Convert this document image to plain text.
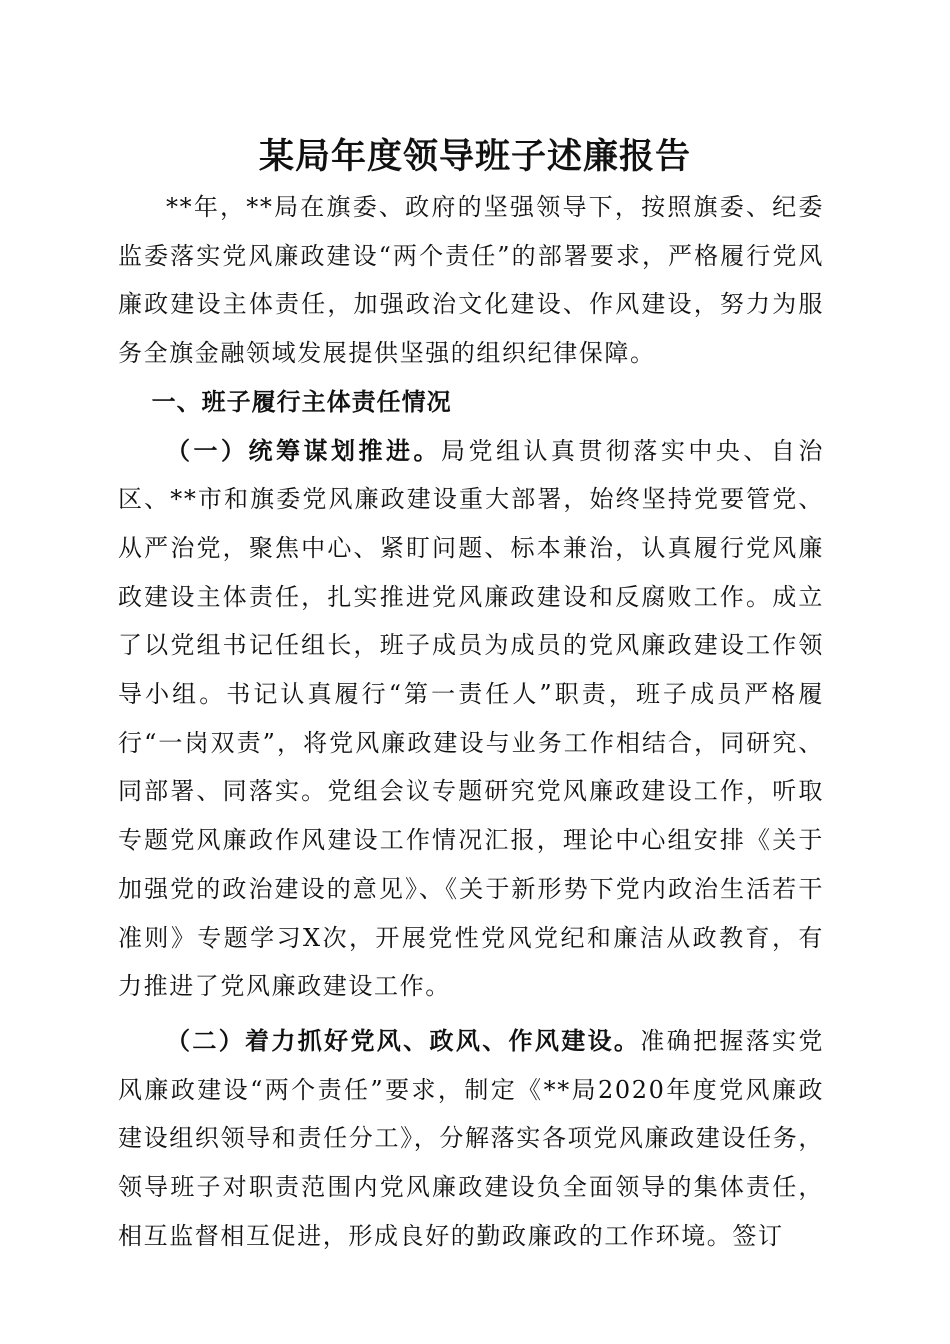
某局年度领导班子述廉报告

**年，**局在旗委、政府的坚强领导下，按照旗委、纪委监委落实党风廉政建设“两个责任”的部署要求，严格履行党风廉政建设主体责任，加强政治文化建设、作风建设，努力为服务全旗金融领域发展提供坚强的组织纪律保障。

一、班子履行主体责任情况

（一）统筹谋划推进。局党组认真贯彻落实中央、自治区、**市和旗委党风廉政建设重大部署，始终坚持党要管党、从严治党，聚焦中心、紧盯问题、标本兼治，认真履行党风廉政建设主体责任，扎实推进党风廉政建设和反腐败工作。成立了以党组书记任组长，班子成员为成员的党风廉政建设工作领导小组。书记认真履行“第一责任人”职责，班子成员严格履行“一岗双责”，将党风廉政建设与业务工作相结合，同研究、同部署、同落实。党组会议专题研究党风廉政建设工作，听取专题党风廉政作风建设工作情况汇报，理论中心组安排《关于加强党的政治建设的意见》、《关于新形势下党内政治生活若干准则》专题学习X次，开展党性党风党纪和廉洁从政教育，有力推进了党风廉政建设工作。

（二）着力抓好党风、政风、作风建设。准确把握落实党风廉政建设“两个责任”要求，制定《**局2020年度党风廉政建设组织领导和责任分工》，分解落实各项党风廉政建设任务，领导班子对职责范围内党风廉政建设负全面领导的集体责任，相互监督相互促进，形成良好的勤政廉政的工作环境。签订
